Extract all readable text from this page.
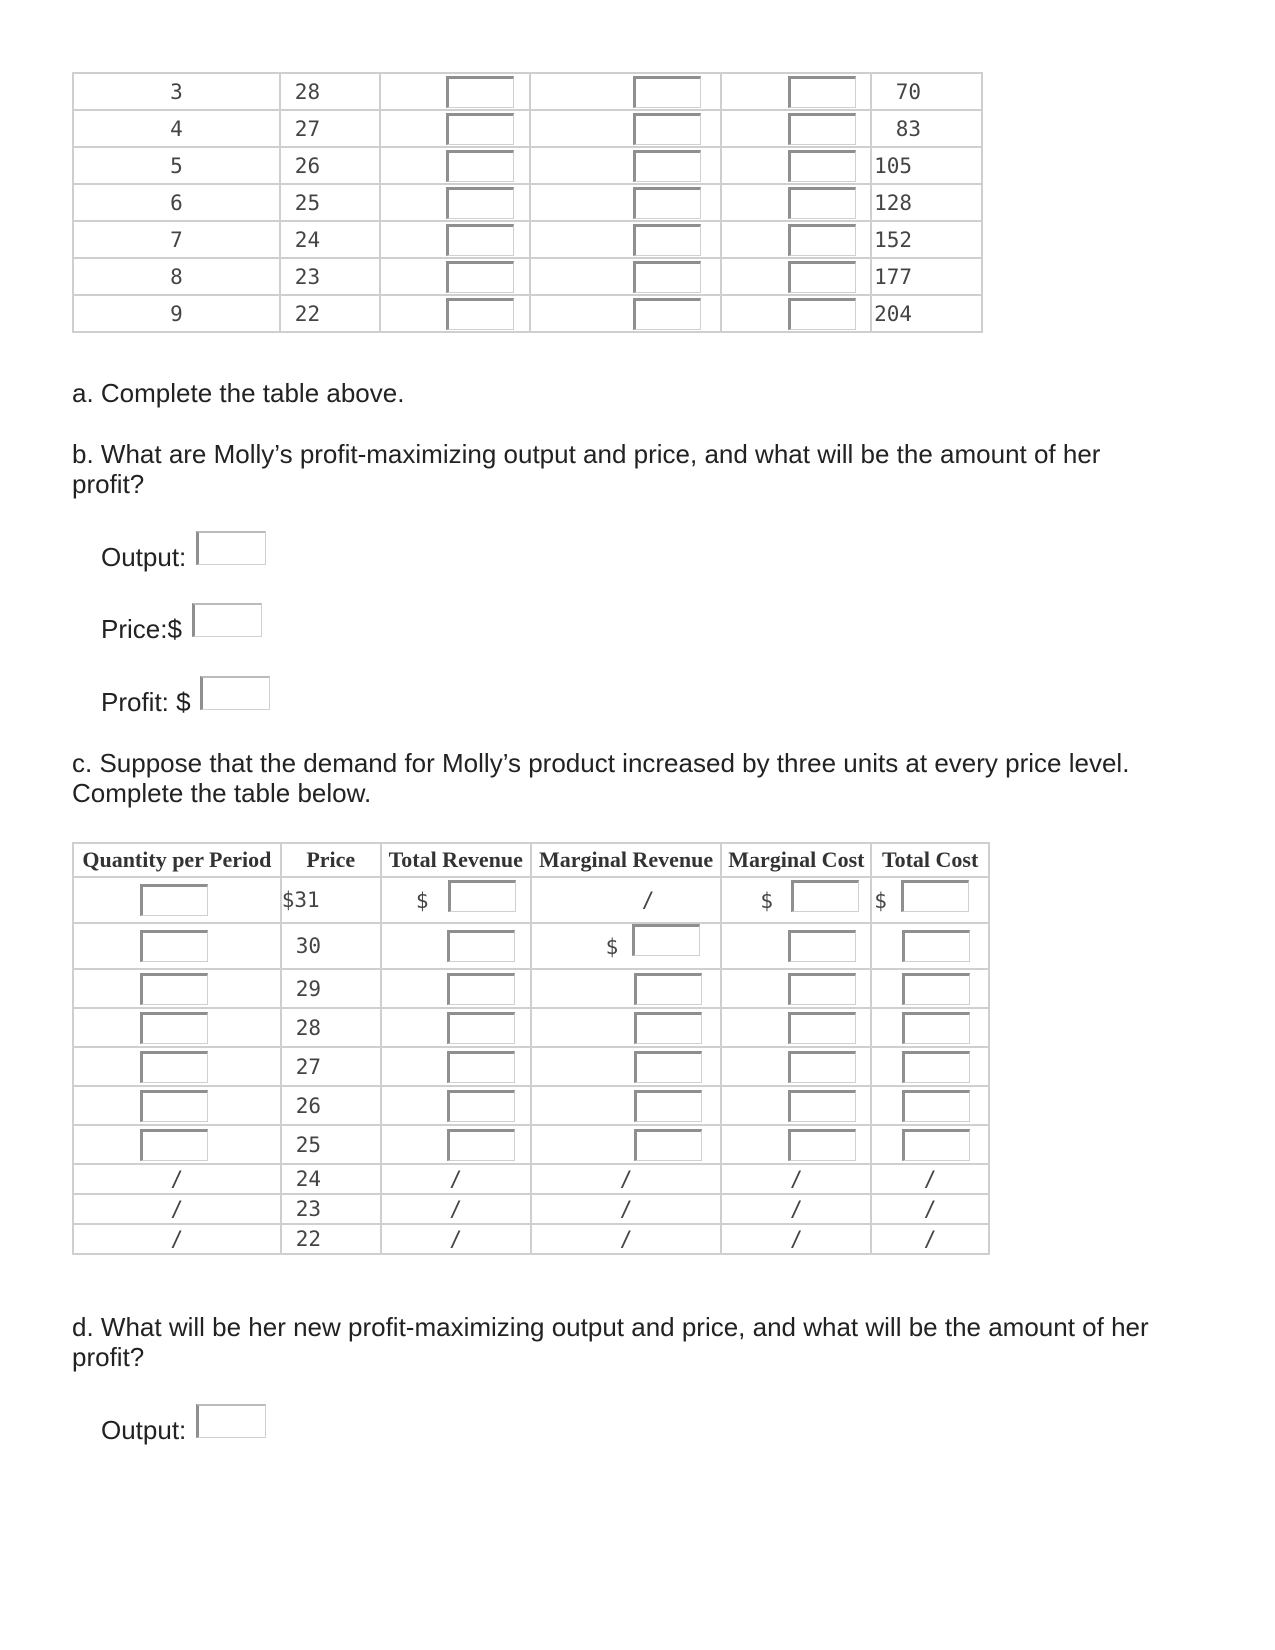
3	28				70
4	27				83
5	26				105
6	25				128
7	24				152
8	23				177
9	22				204
a. Complete the table above.
b. What are Molly’s profit-maximizing output and price, and what will be the amount of her profit?
Output:
Price:$
Profit: $
c. Suppose that the demand for Molly’s product increased by three units at every price level. Complete the table below.
Quantity per Period	Price	Total Revenue	Marginal Revenue	Marginal Cost	Total Cost
	$31	$	/	$	$
	30		$		
	29				
	28				
	27				
	26				
	25				
/	24	/	/	/	/
/	23	/	/	/	/
/	22	/	/	/	/
d. What will be her new profit-maximizing output and price, and what will be the amount of her profit?
Output:
